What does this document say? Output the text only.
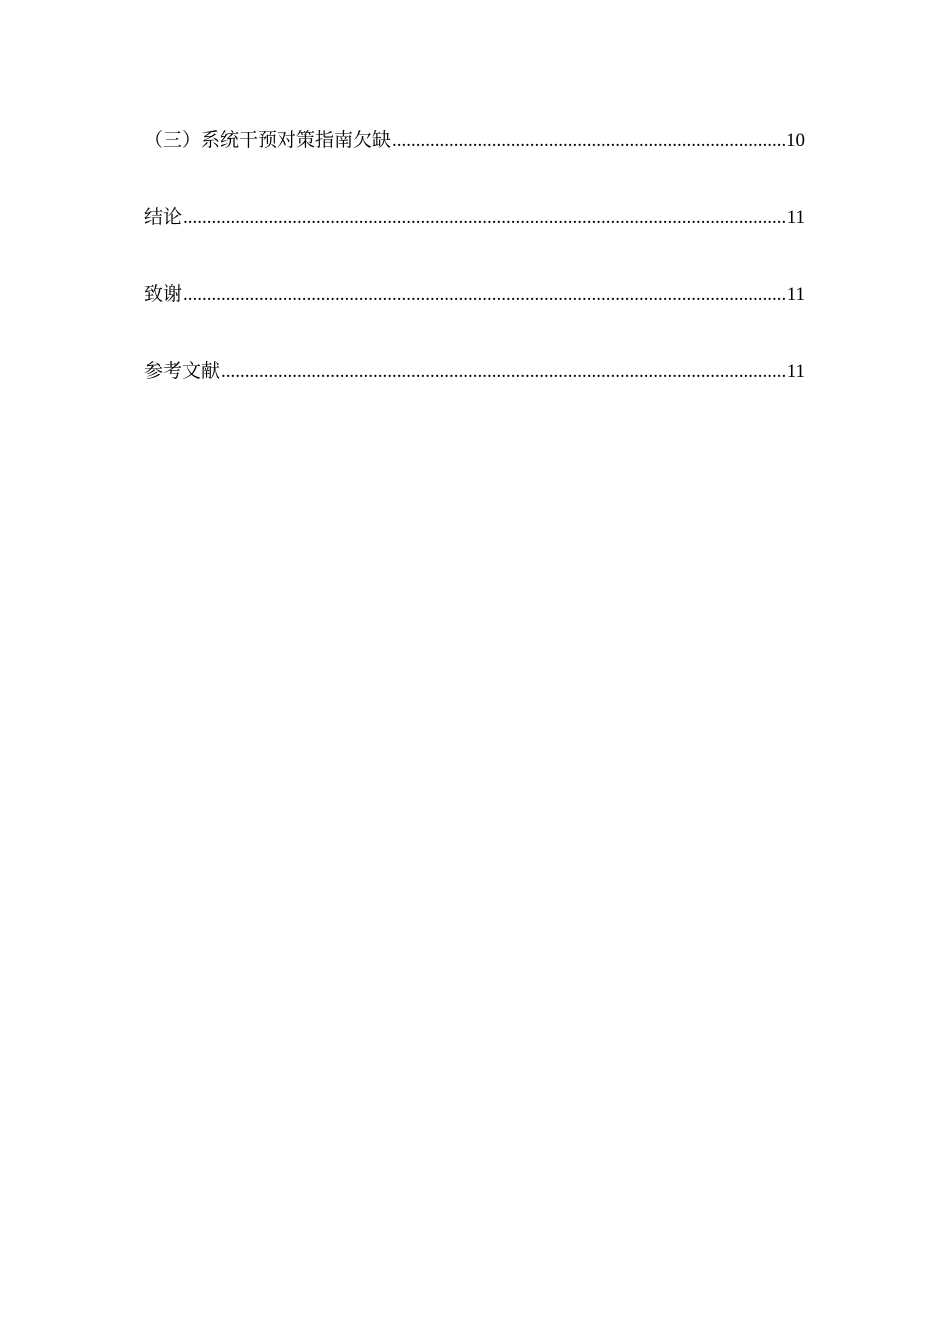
（三）系统干预对策指南欠缺 .....	10
结论 .....	11
致谢 .....	11
参考文献 .....	11
